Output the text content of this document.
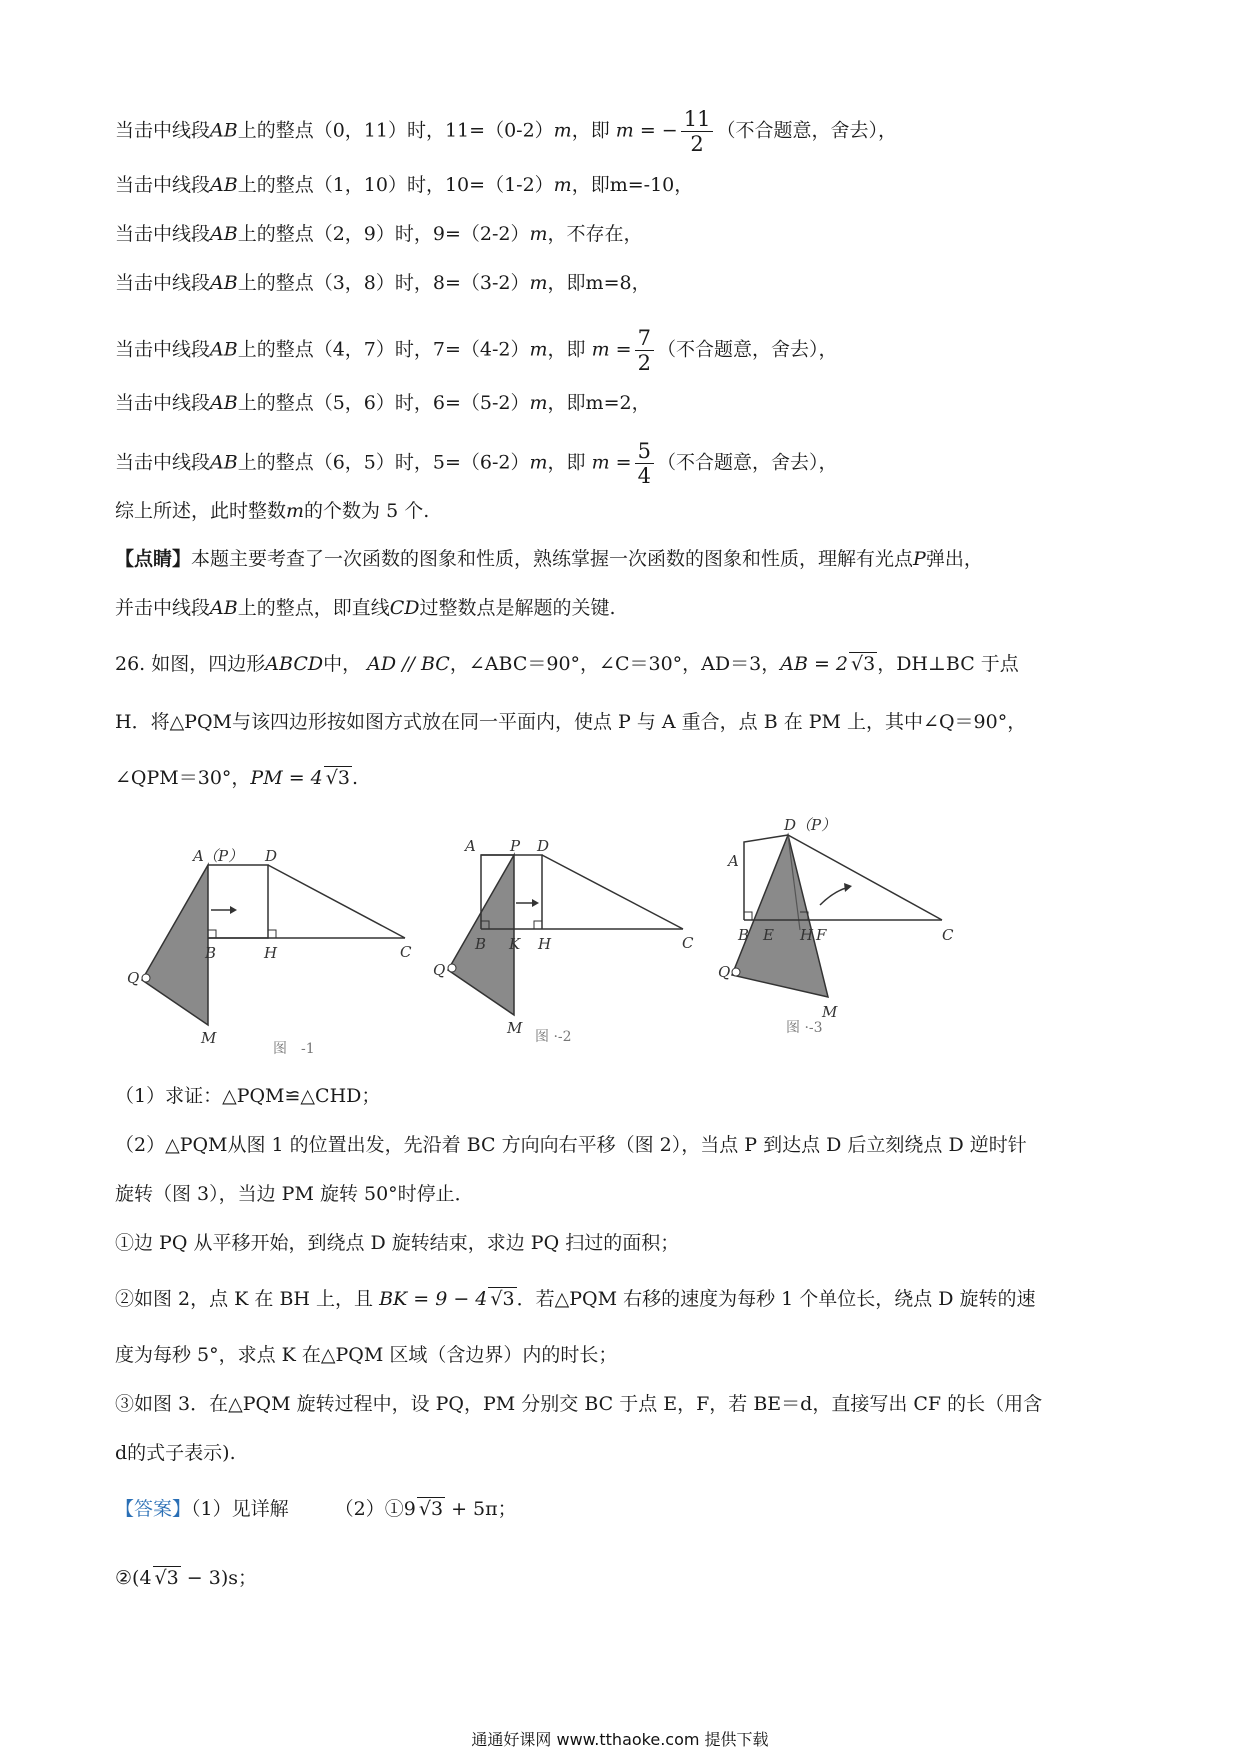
当击中线段AB上的整点（0，11）时，11=（0-2）m，即 m = − $\frac{11}{2}$ （不合题意，舍去），
当击中线段AB上的整点（1，10）时，10=（1-2）m，即m=-10，
当击中线段AB上的整点（2，9）时，9=（2-2）m，不存在，
当击中线段AB上的整点（3，8）时，8=（3-2）m，即m=8，
当击中线段AB上的整点（4，7）时，7=（4-2）m，即 $m = \frac{7}{2}$ （不合题意，舍去），
当击中线段AB上的整点（5，6）时，6=（5-2）m，即m=2，
当击中线段AB上的整点（6，5）时，5=（6-2）m，即 $m = \frac{5}{4}$ （不合题意，舍去），
综上所述，此时整数m的个数为 5 个.
【点睛】本题主要考查了一次函数的图象和性质，熟练掌握一次函数的图象和性质，理解有光点P弹出，
并击中线段AB上的整点，即直线CD过整数点是解题的关键.
26. 如图，四边形ABCD中， AD // BC，∠ABC＝90°，∠C＝30°，AD＝3，AB = 2 √3 ，DH⊥BC 于点
H．将△PQM与该四边形按如图方式放在同一平面内，使点 P 与 A 重合，点 B 在 PM 上，其中∠Q＝90°，
∠QPM＝30°，PM = 4 √3 .
A （P） D
B	H	C
Q
M
图　-1
A P D
B K H	C
Q
M 图 ·-2
A
D（P）
B E H F	C
Q
M
图 ·-3
（1）求证：△PQM≌△CHD；
（2）△PQM从图 1 的位置出发，先沿着 BC 方向向右平移（图 2），当点 P 到达点 D 后立刻绕点 D 逆时针
旋转（图 3），当边 PM 旋转 50°时停止．
①边 PQ 从平移开始，到绕点 D 旋转结束，求边 PQ 扫过的面积；
②如图 2，点 K 在 BH 上，且 BK = 9 − 4 √3 ．若△PQM 右移的速度为每秒 1 个单位长，绕点 D 旋转的速
度为每秒 5°，求点 K 在△PQM 区域（含边界）内的时长；
③如图 3．在△PQM 旋转过程中，设 PQ，PM 分别交 BC 于点 E，F，若 BE＝d，直接写出 CF 的长（用含
d的式子表示).
【答案】（1）见详解 （2）①9 √3 + 5π；
②(4 √3 − 3)s；
通通好课网 www.tthaoke.com 提供下载
